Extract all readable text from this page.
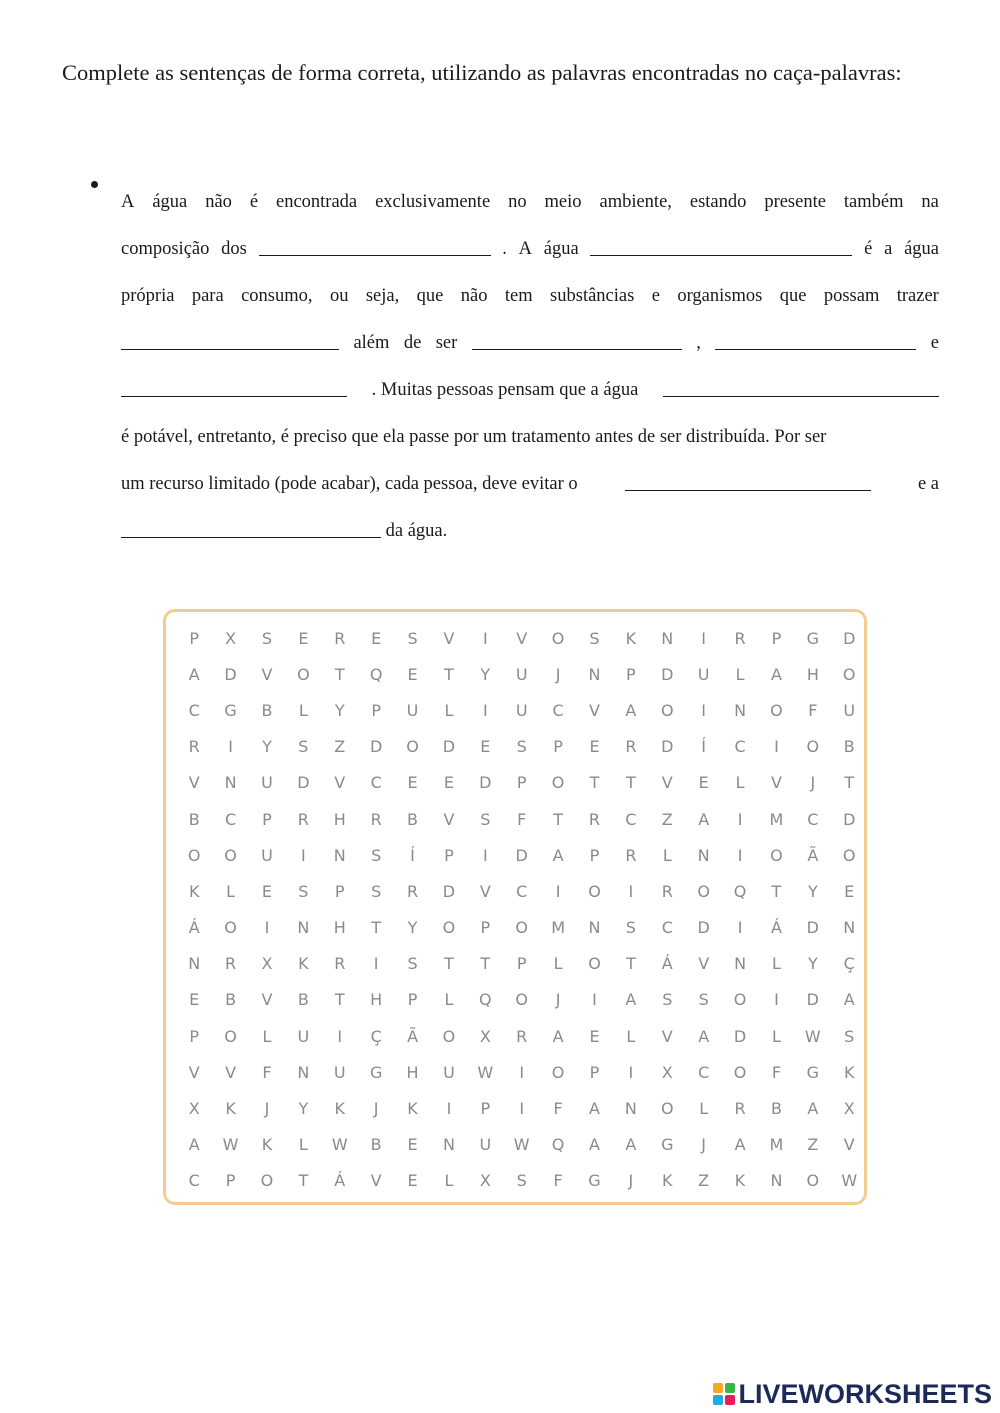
Complete as sentenças de forma correta, utilizando as palavras encontradas no caça-palavras:

A água não é encontrada exclusivamente no meio ambiente, estando presente também na
composição dos	. A água	é a água
própria para consumo, ou seja, que não tem substâncias e organismos que possam trazer
além de ser	,	e
. Muitas pessoas pensam que a água
é potável, entretanto, é preciso que ela passe por um tratamento antes de ser distribuída. Por ser
um recurso limitado (pode acabar), cada pessoa, deve evitar o	e a
da água.
P	X	S	E	R	E	S	V	I	V	O	S	K	N	I	R	P	G	D
A	D	V	O	T	Q	E	T	Y	U	J	N	P	D	U	L	A	H	O
C	G	B	L	Y	P	U	L	I	U	C	V	A	O	I	N	O	F	U
R	I	Y	S	Z	D	O	D	E	S	P	E	R	D	Í	C	I	O	B
V	N	U	D	V	C	E	E	D	P	O	T	T	V	E	L	V	J	T
B	C	P	R	H	R	B	V	S	F	T	R	C	Z	A	I	M	C	D
O	O	U	I	N	S	Í	P	I	D	A	P	R	L	N	I	O	Ã	O
K	L	E	S	P	S	R	D	V	C	I	O	I	R	O	Q	T	Y	E
Á	O	I	N	H	T	Y	O	P	O	M	N	S	C	D	I	Á	D	N
N	R	X	K	R	I	S	T	T	P	L	O	T	Á	V	N	L	Y	Ç
E	B	V	B	T	H	P	L	Q	O	J	I	A	S	S	O	I	D	A
P	O	L	U	I	Ç	Ã	O	X	R	A	E	L	V	A	D	L	W	S
V	V	F	N	U	G	H	U	W	I	O	P	I	X	C	O	F	G	K
X	K	J	Y	K	J	K	I	P	I	F	A	N	O	L	R	B	A	X
A	W	K	L	W	B	E	N	U	W	Q	A	A	G	J	A	M	Z	V
C	P	O	T	Á	V	E	L	X	S	F	G	J	K	Z	K	N	O	W
LIVEWORKSHEETS
